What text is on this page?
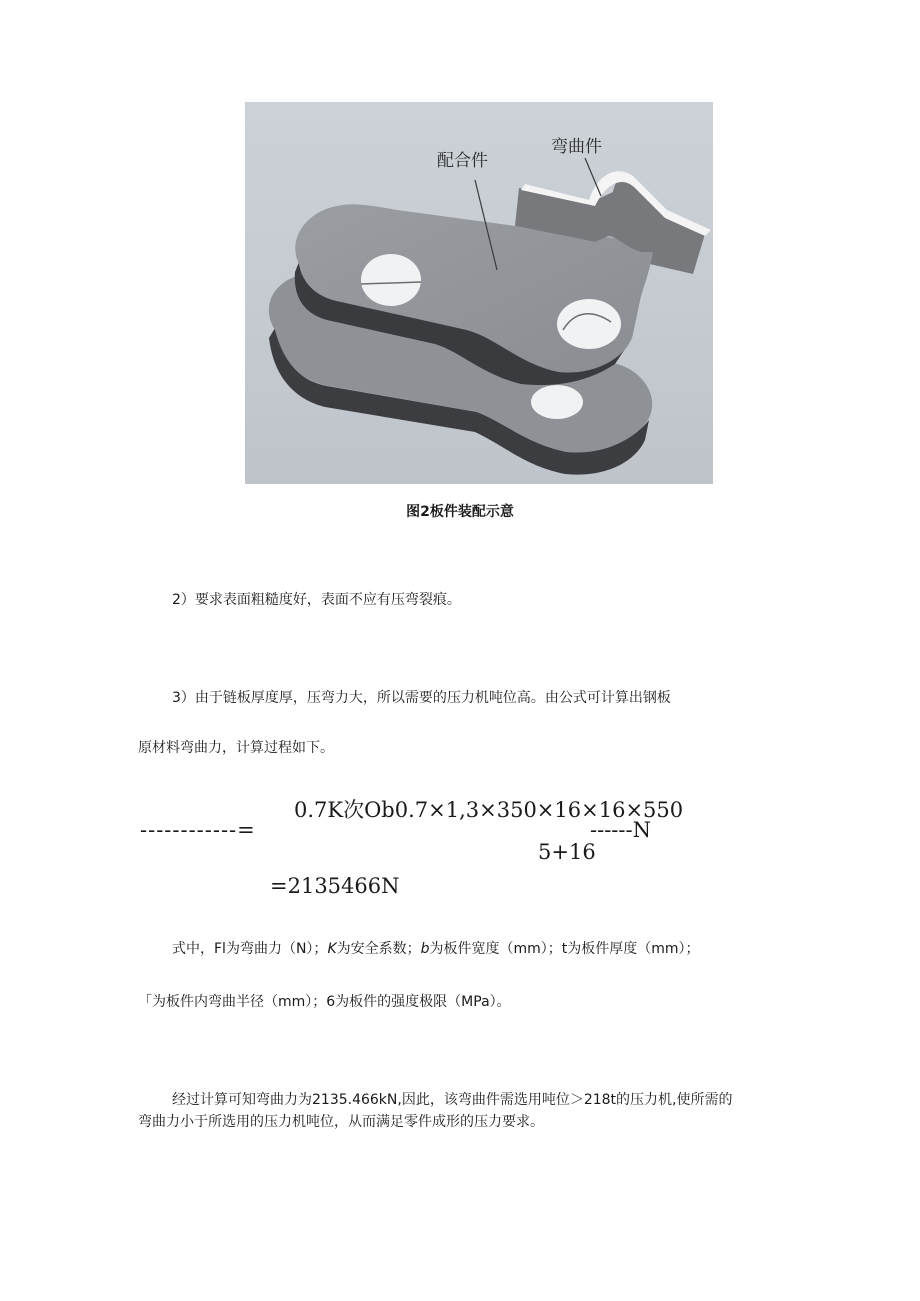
配合件
弯曲件
图2板件装配示意
2）要求表面粗糙度好，表面不应有压弯裂痕。
3）由于链板厚度厚，压弯力大，所以需要的压力机吨位高。由公式可计算出钢板
原材料弯曲力，计算过程如下。
0.7K次Ob0.7×1,3×350×16×16×550
------------=	------N
5+16
=2135466N
式中，Fl为弯曲力（N）；K为安全系数；b为板件宽度（mm）；t为板件厚度（mm）；
「为板件内弯曲半径（mm）；6为板件的强度极限（MPa）。
经过计算可知弯曲力为2135.466kN,因此，该弯曲件需选用吨位＞218t的压力机,使所需的
弯曲力小于所选用的压力机吨位，从而满足零件成形的压力要求。
